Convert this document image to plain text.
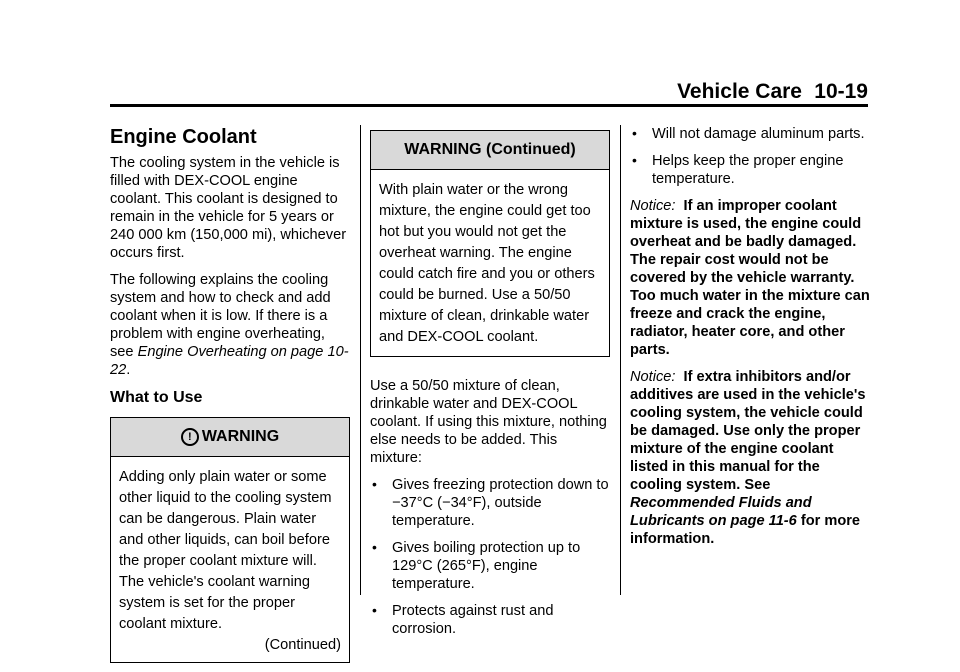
Vehicle Care 10-19
Engine Coolant

The cooling system in the vehicle is filled with DEX-COOL engine coolant. This coolant is designed to remain in the vehicle for 5 years or 240 000 km (150,000 mi), whichever occurs first.

The following explains the cooling system and how to check and add coolant when it is low. If there is a problem with engine overheating, see Engine Overheating on page 10-22.

What to Use
! WARNING
Adding only plain water or some other liquid to the cooling system can be dangerous. Plain water and other liquids, can boil before the proper coolant mixture will. The vehicle's coolant warning system is set for the proper coolant mixture.
(Continued)
WARNING (Continued)
With plain water or the wrong mixture, the engine could get too hot but you would not get the overheat warning. The engine could catch fire and you or others could be burned. Use a 50/50 mixture of clean, drinkable water and DEX-COOL coolant.

Use a 50/50 mixture of clean, drinkable water and DEX-COOL coolant. If using this mixture, nothing else needs to be added. This mixture:

• Gives freezing protection down to −37°C (−34°F), outside temperature.
• Gives boiling protection up to 129°C (265°F), engine temperature.
• Protects against rust and corrosion.
• Will not damage aluminum parts.
• Helps keep the proper engine temperature.

Notice: If an improper coolant mixture is used, the engine could overheat and be badly damaged. The repair cost would not be covered by the vehicle warranty. Too much water in the mixture can freeze and crack the engine, radiator, heater core, and other parts.

Notice: If extra inhibitors and/or additives are used in the vehicle's cooling system, the vehicle could be damaged. Use only the proper mixture of the engine coolant listed in this manual for the cooling system. See Recommended Fluids and Lubricants on page 11-6 for more information.
